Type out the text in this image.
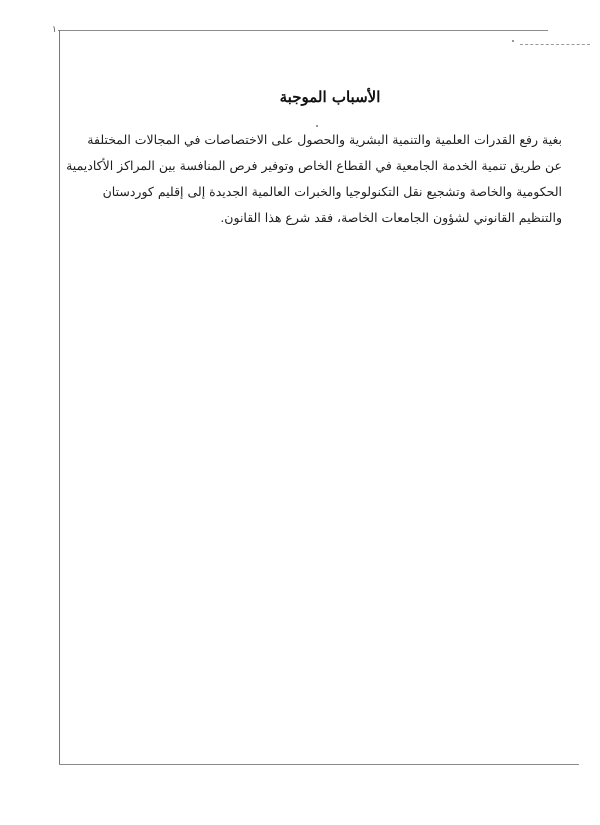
١
الأسباب الموجبة
بغية رفع القدرات العلمية والتنمية البشرية والحصول على الاختصاصات في المجالات المختلفة
عن طريق تنمية الخدمة الجامعية في القطاع الخاص وتوفير فرص المنافسة بين المراكز الأكاديمية
الحكومية والخاصة وتشجيع نقل التكنولوجيا والخبرات العالمية الجديدة إلى إقليم كوردستان
والتنظيم القانوني لشؤون الجامعات الخاصة، فقد شرع هذا القانون.
